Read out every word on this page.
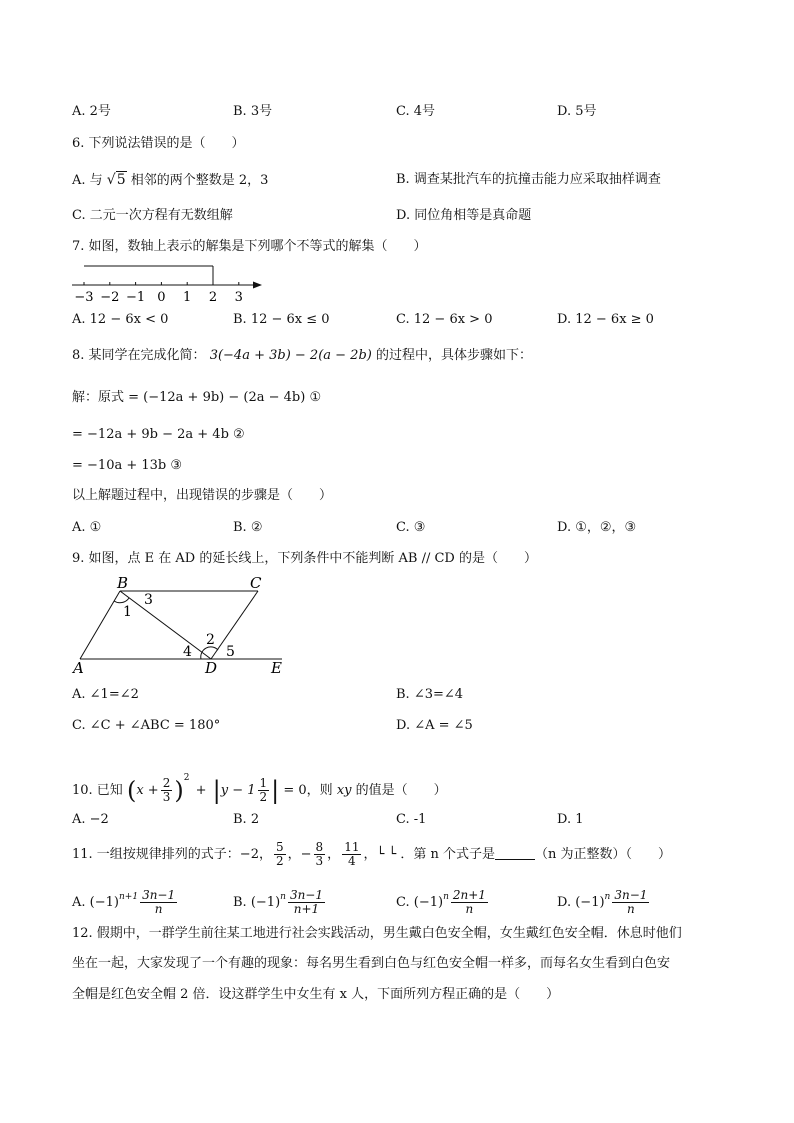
A. 2号	B. 3号	C. 4号	D. 5号
6. 下列说法错误的是（　　）
A. 与 √5 相邻的两个整数是 2，3	B. 调查某批汽车的抗撞击能力应采取抽样调查
C. 二元一次方程有无数组解	D. 同位角相等是真命题
7. 如图，数轴上表示的解集是下列哪个不等式的解集（　　）
−3 −2 −1 0 1 2 3
A. 12 − 6x < 0	B. 12 − 6x ≤ 0	C. 12 − 6x > 0	D. 12 − 6x ≥ 0
8. 某同学在完成化简： 3(−4a + 3b) − 2(a − 2b) 的过程中，具体步骤如下：
解：原式 = (−12a + 9b) − (2a − 4b) ①
= −12a + 9b − 2a + 4b ②
= −10a + 13b ③
以上解题过程中，出现错误的步骤是（　　）
A. ①	B. ②	C. ③	D. ①，②，③
9. 如图，点 E 在 AD 的延长线上，下列条件中不能判断 AB // CD 的是（　　）
B	C
A	D	E
1
2
3
4 5
A. ∠1=∠2	B. ∠3=∠4
C. ∠C + ∠ABC = 180°	D. ∠A = ∠5
10. 已知 $(x + \frac{2}{3} )^2 + |y - 1 \frac{1}{2}$ | = 0，则 xy 的值是（　　）
A. −2	B. 2	C. -1	D. 1
11. 一组按规律排列的式子：−2， $\frac{5}{2}$ ，− $\frac{8}{3}$ ， $\frac{11}{4}$ ，└ └ ．第 n 个式子是	（n 为正整数）（　　）
A. $(-1)^{n+1} \frac{3n-1}{n}$	B. $(-1)^n \frac{3n-1}{n+1}$	C. $(-1)^n \frac{2n+1}{n}$	D. $(-1)^n \frac{3n-1}{n}$
12. 假期中，一群学生前往某工地进行社会实践活动，男生戴白色安全帽，女生戴红色安全帽．休息时他们
坐在一起，大家发现了一个有趣的现象：每名男生看到白色与红色安全帽一样多，而每名女生看到白色安
全帽是红色安全帽 2 倍．设这群学生中女生有 x 人，下面所列方程正确的是（　　）
